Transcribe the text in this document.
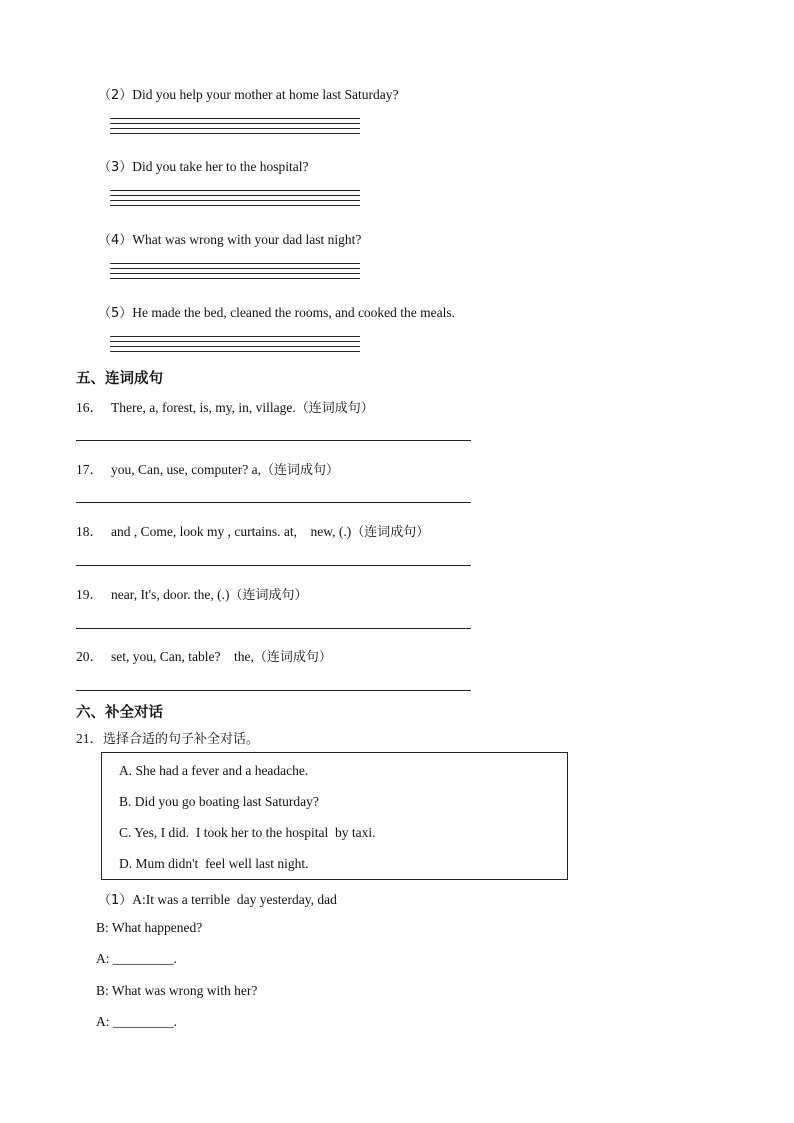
（2）Did you help your mother at home last Saturday?
（3）Did you take her to the hospital?
（4）What was wrong with your dad last night?
（5）He made the bed, cleaned the rooms, and cooked the meals.
五、连词成句
16． There, a, forest, is, my, in, village.（连词成句）
17． you, Can, use, computer? a,（连词成句）
18． and , Come, look my , curtains. at,    new, (.)（连词成句）
19． near, It's, door. the, (.)（连词成句）
20． set, you, Can, table?    the,（连词成句）
六、补全对话
21．选择合适的句子补全对话。
A. She had a fever and a headache.
B. Did you go boating last Saturday?
C. Yes, I did.  I took her to the hospital  by taxi.
D. Mum didn't  feel well last night.
（1）A:It was a terrible  day yesterday, dad
B: What happened?
A: _________.
B: What was wrong with her?
A: _________.
